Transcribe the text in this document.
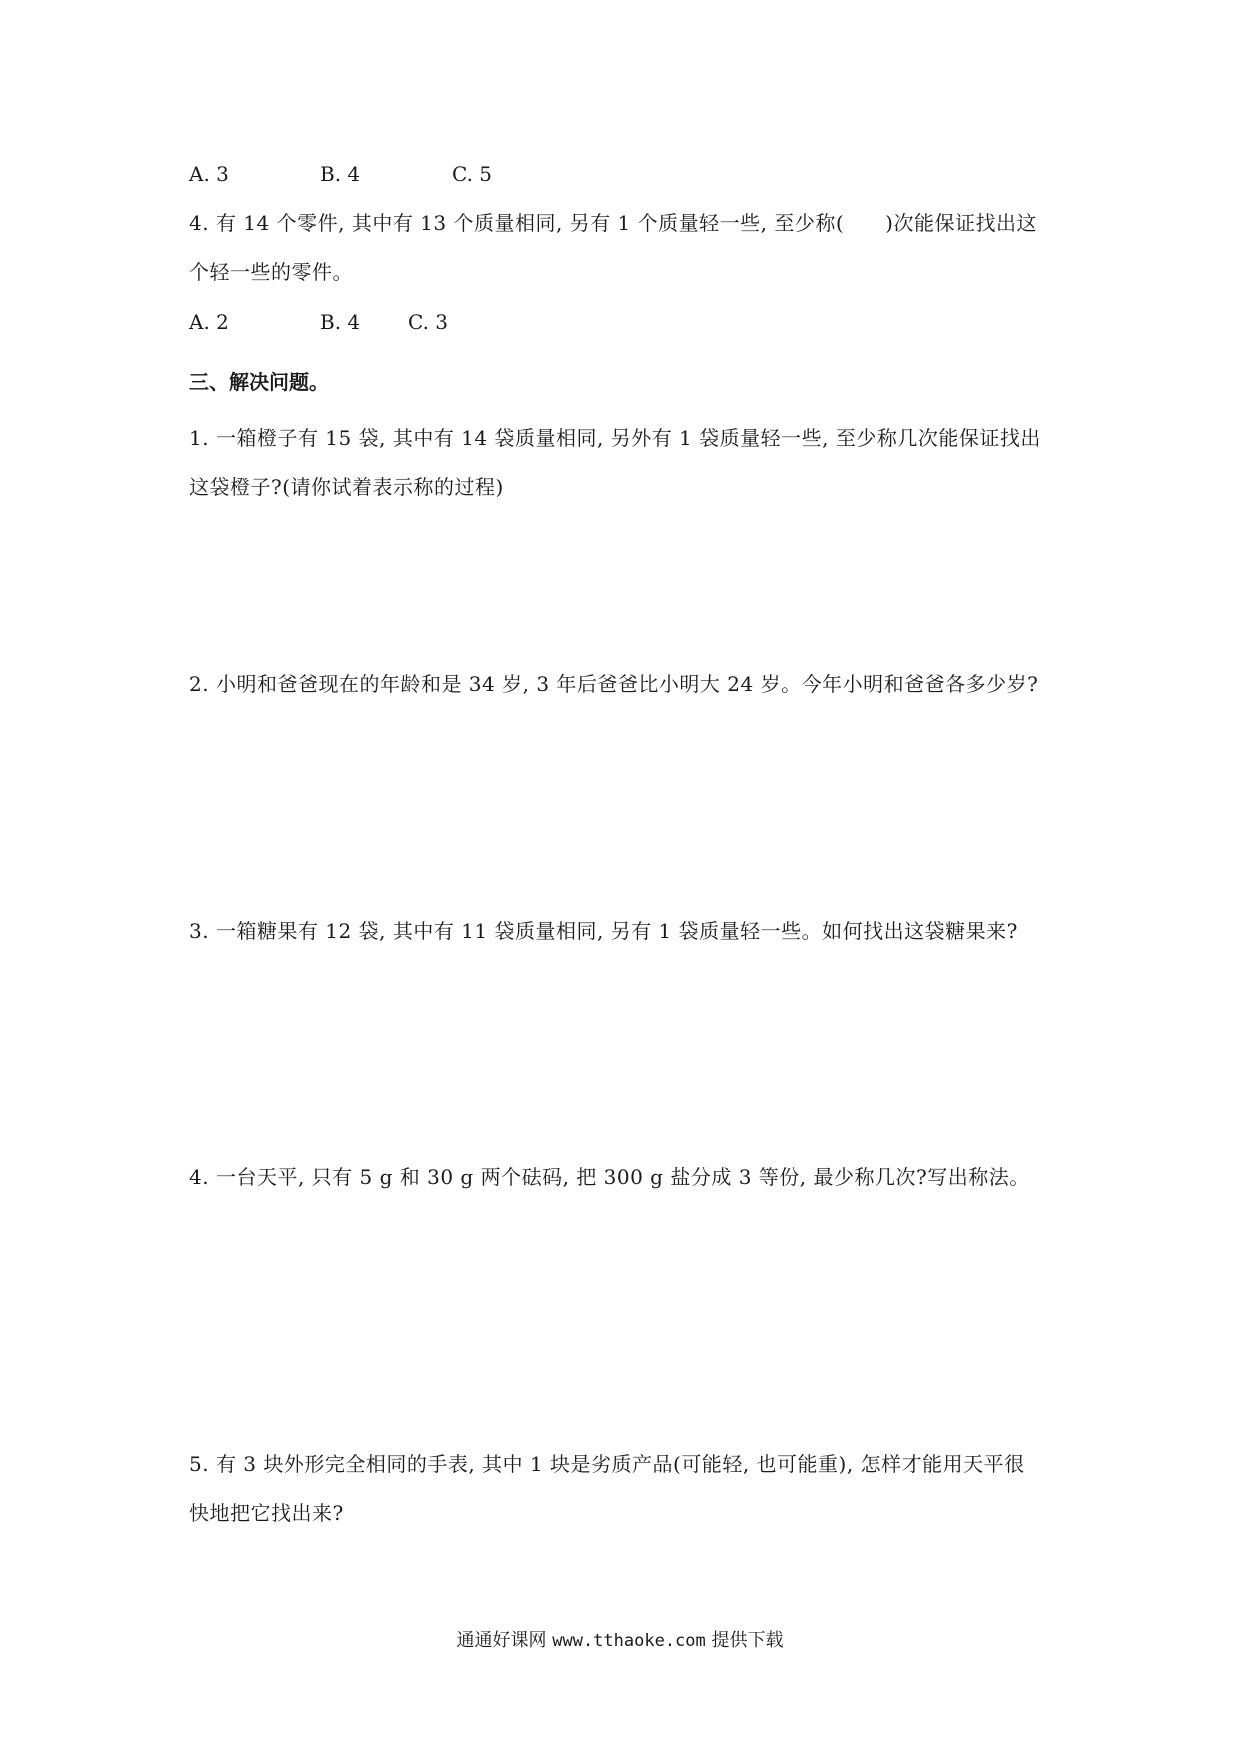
A. 3	B. 4	C. 5
4. 有 14 个零件, 其中有 13 个质量相同, 另有 1 个质量轻一些, 至少称(　　)次能保证找出这
个轻一些的零件。
A. 2	B. 4 C. 3
三、解决问题。
1. 一箱橙子有 15 袋, 其中有 14 袋质量相同, 另外有 1 袋质量轻一些, 至少称几次能保证找出
这袋橙子?(请你试着表示称的过程)
2. 小明和爸爸现在的年龄和是 34 岁, 3 年后爸爸比小明大 24 岁。今年小明和爸爸各多少岁?
3. 一箱糖果有 12 袋, 其中有 11 袋质量相同, 另有 1 袋质量轻一些。如何找出这袋糖果来?
4. 一台天平, 只有 5 g 和 30 g 两个砝码, 把 300 g 盐分成 3 等份, 最少称几次?写出称法。
5. 有 3 块外形完全相同的手表, 其中 1 块是劣质产品(可能轻, 也可能重), 怎样才能用天平很
快地把它找出来?
通通好课网 www.tthaoke.com 提供下载
